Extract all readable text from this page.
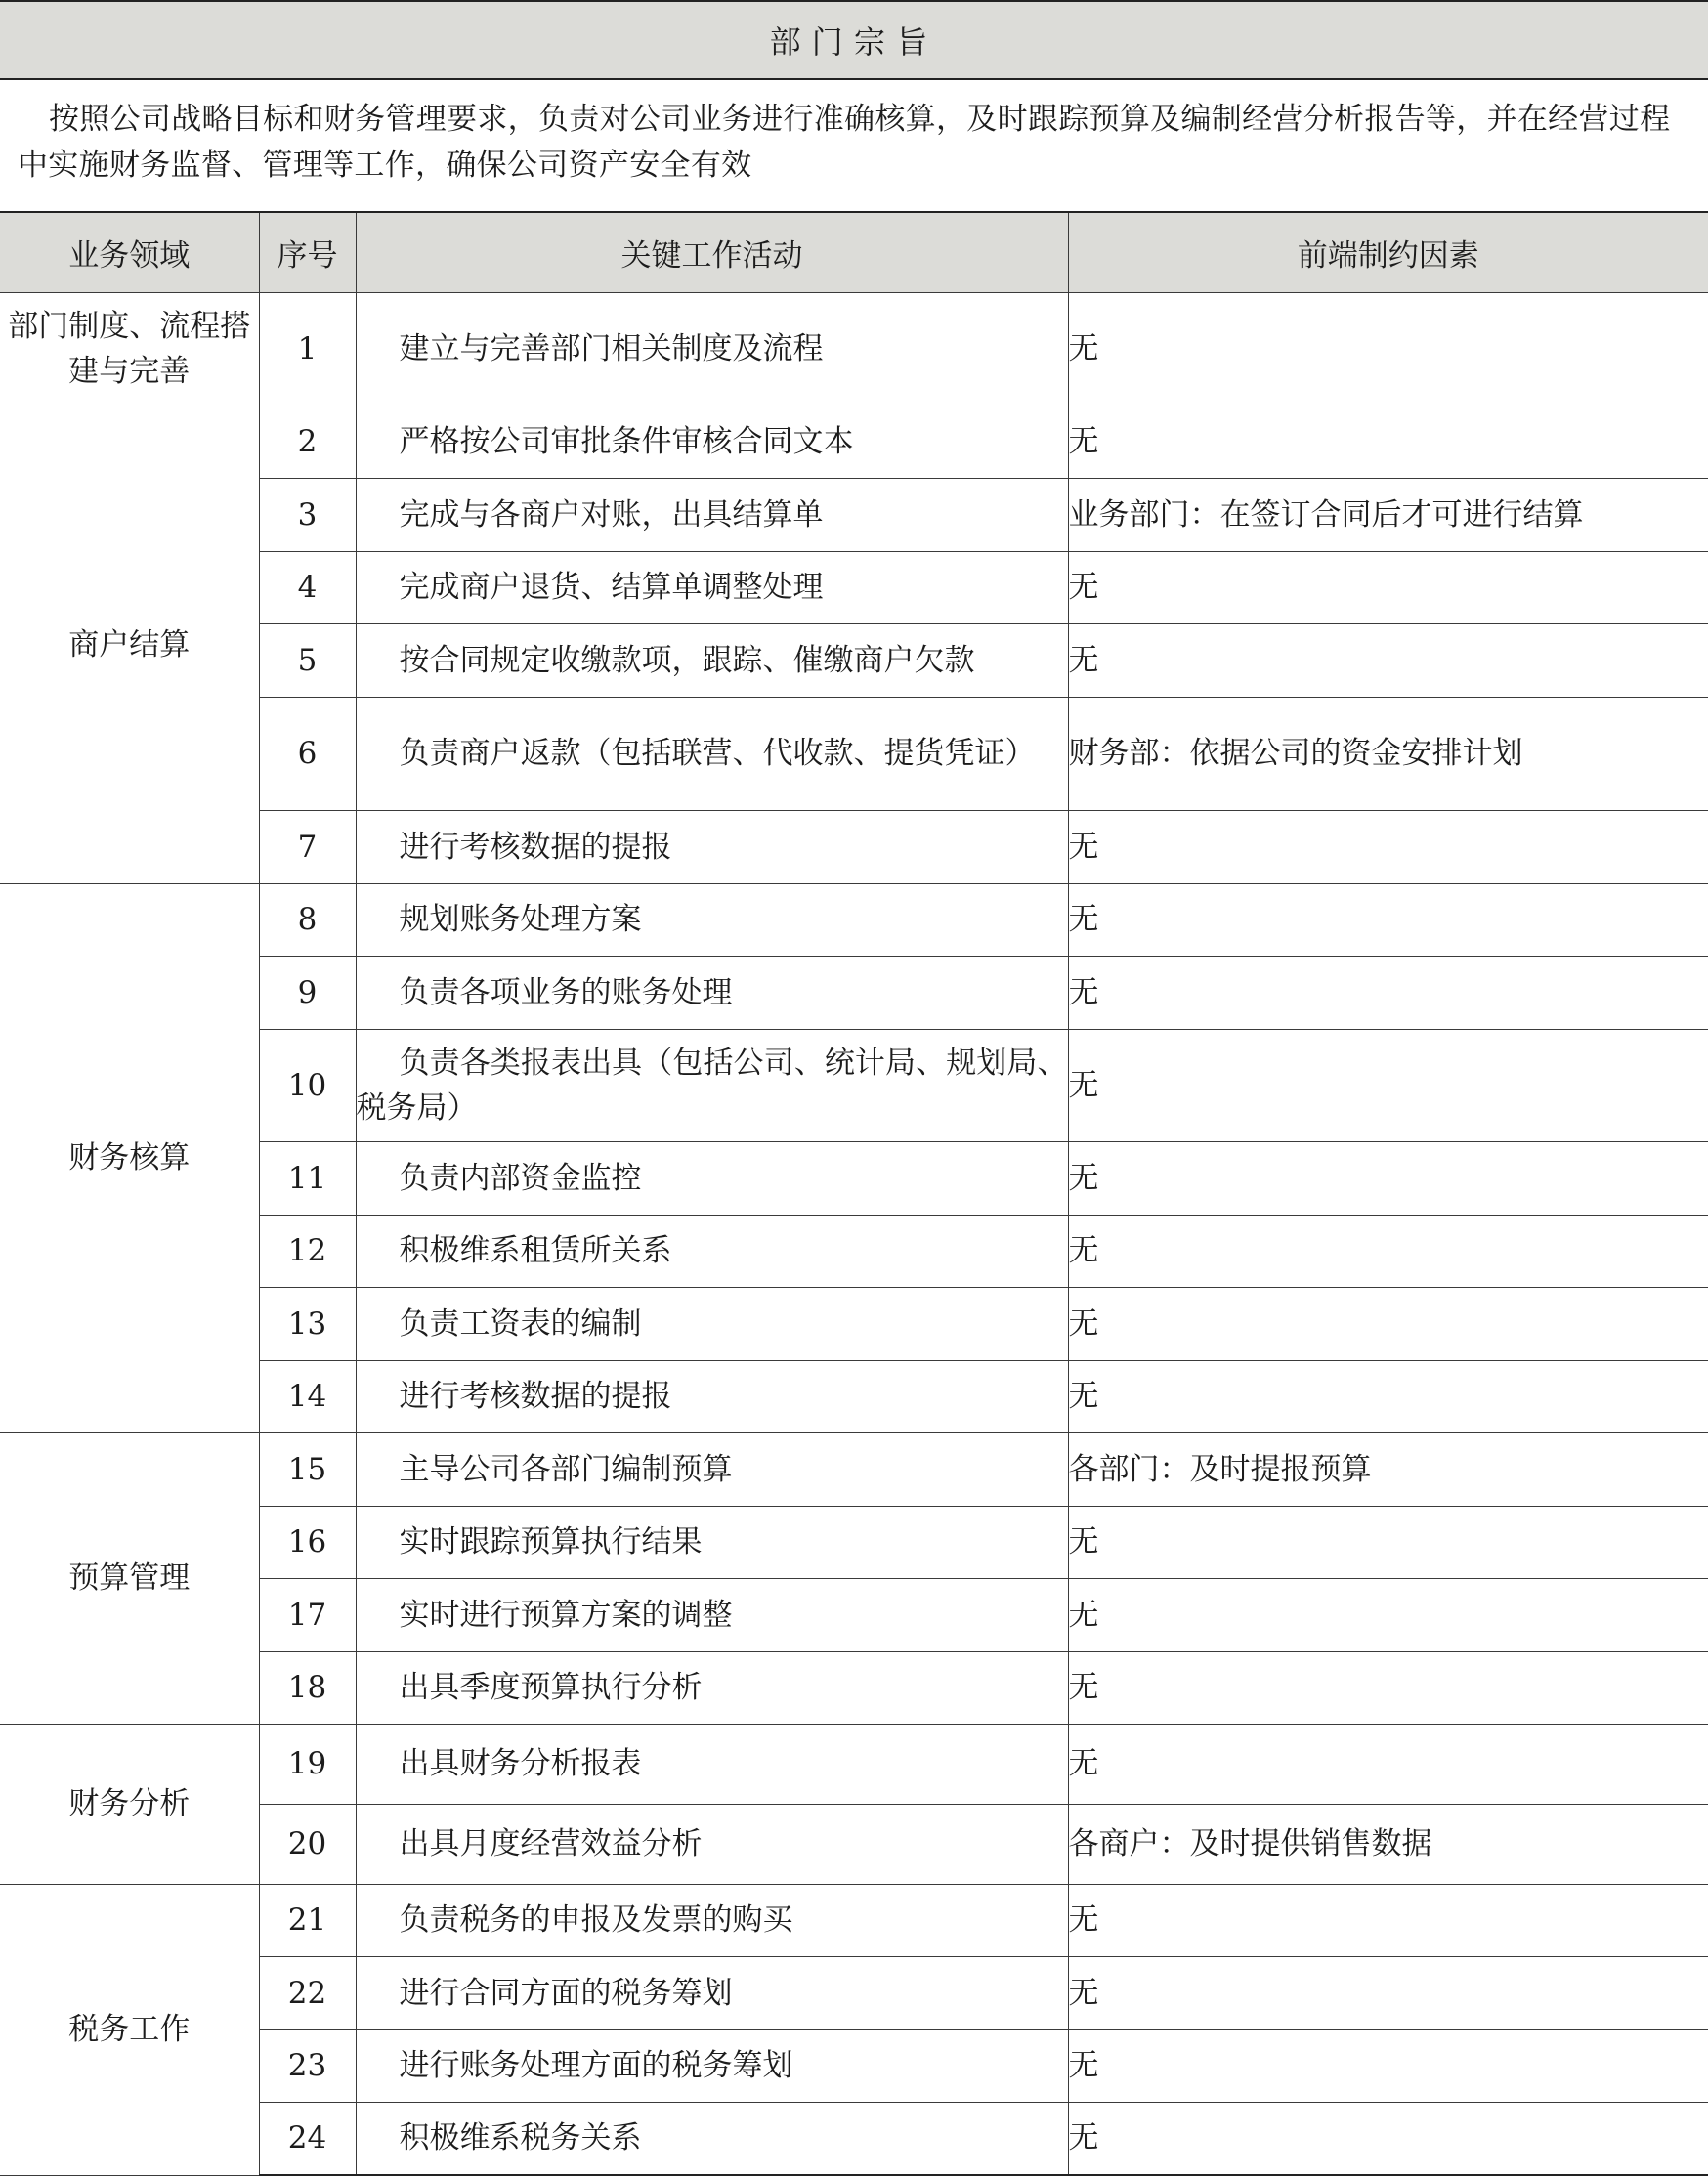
部门宗旨
按照公司战略目标和财务管理要求，负责对公司业务进行准确核算，及时跟踪预算及编制经营分析报告等，并在经营过程中实施财务监督、管理等工作，确保公司资产安全有效
业务领域	序号	关键工作活动	前端制约因素
部门制度、流程搭建与完善	1	建立与完善部门相关制度及流程	无
商户结算	2	严格按公司审批条件审核合同文本	无
	3	完成与各商户对账，出具结算单	业务部门：在签订合同后才可进行结算
	4	完成商户退货、结算单调整处理	无
	5	按合同规定收缴款项，跟踪、催缴商户欠款	无
	6	负责商户返款（包括联营、代收款、提货凭证）	财务部：依据公司的资金安排计划
	7	进行考核数据的提报	无
财务核算	8	规划账务处理方案	无
	9	负责各项业务的账务处理	无
	10	负责各类报表出具（包括公司、统计局、规划局、税务局）	无
	11	负责内部资金监控	无
	12	积极维系租赁所关系	无
	13	负责工资表的编制	无
	14	进行考核数据的提报	无
预算管理	15	主导公司各部门编制预算	各部门：及时提报预算
	16	实时跟踪预算执行结果	无
	17	实时进行预算方案的调整	无
	18	出具季度预算执行分析	无
财务分析	19	出具财务分析报表	无
	20	出具月度经营效益分析	各商户：及时提供销售数据
税务工作	21	负责税务的申报及发票的购买	无
	22	进行合同方面的税务筹划	无
	23	进行账务处理方面的税务筹划	无
	24	积极维系税务关系	无
